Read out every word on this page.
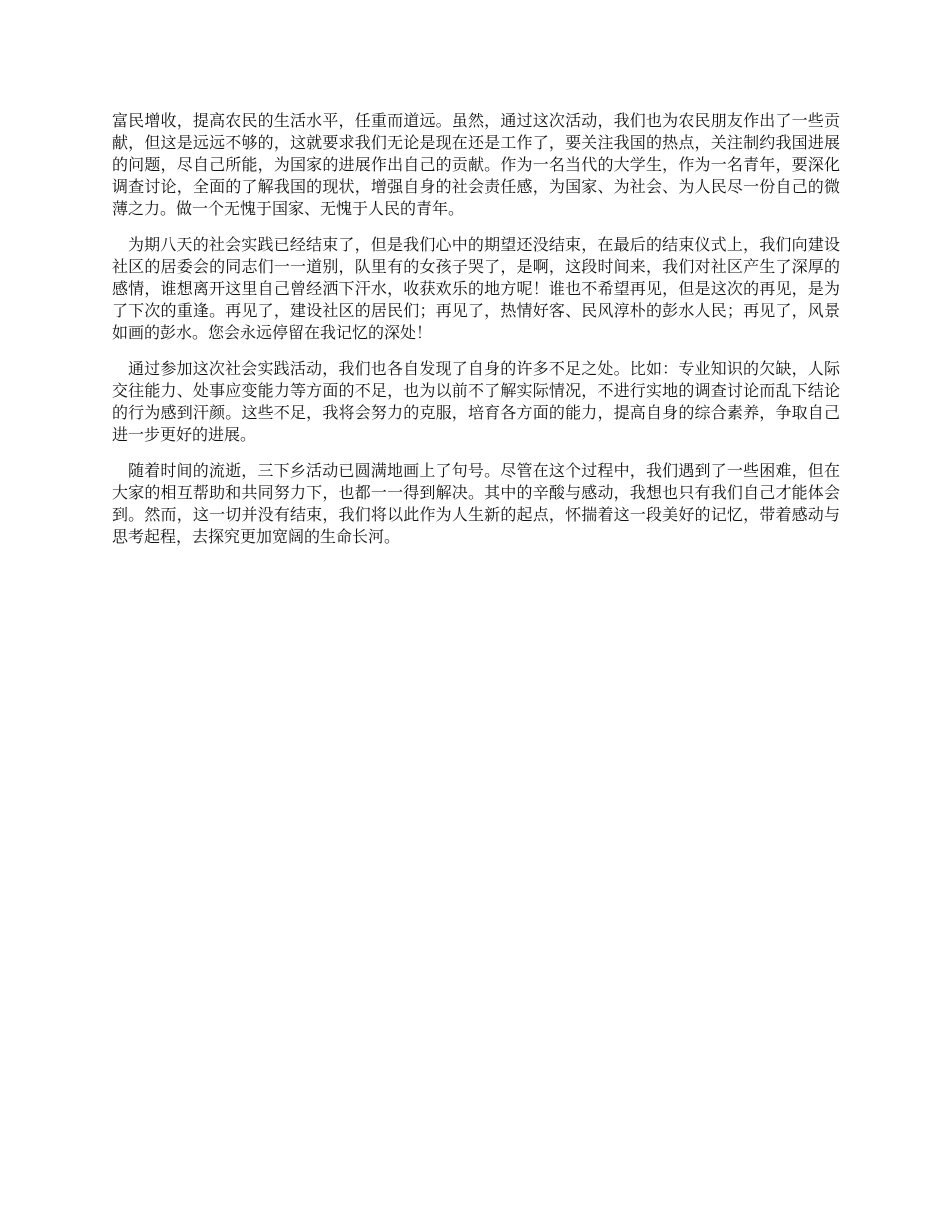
富民增收，提高农民的生活水平，任重而道远。虽然，通过这次活动，我们也为农民朋友作出了一些贡献，但这是远远不够的，这就要求我们无论是现在还是工作了，要关注我国的热点，关注制约我国进展的问题，尽自己所能，为国家的进展作出自己的贡献。作为一名当代的大学生，作为一名青年，要深化调查讨论，全面的了解我国的现状，增强自身的社会责任感，为国家、为社会、为人民尽一份自己的微薄之力。做一个无愧于国家、无愧于人民的青年。

为期八天的社会实践已经结束了，但是我们心中的期望还没结束，在最后的结束仪式上，我们向建设社区的居委会的同志们一一道别，队里有的女孩子哭了，是啊，这段时间来，我们对社区产生了深厚的感情，谁想离开这里自己曾经洒下汗水，收获欢乐的地方呢！谁也不希望再见，但是这次的再见，是为了下次的重逢。再见了，建设社区的居民们；再见了，热情好客、民风淳朴的彭水人民；再见了，风景如画的彭水。您会永远停留在我记忆的深处！

通过参加这次社会实践活动，我们也各自发现了自身的许多不足之处。比如：专业知识的欠缺，人际交往能力、处事应变能力等方面的不足，也为以前不了解实际情况，不进行实地的调查讨论而乱下结论的行为感到汗颜。这些不足，我将会努力的克服，培育各方面的能力，提高自身的综合素养，争取自己进一步更好的进展。

随着时间的流逝，三下乡活动已圆满地画上了句号。尽管在这个过程中，我们遇到了一些困难，但在大家的相互帮助和共同努力下，也都一一得到解决。其中的辛酸与感动，我想也只有我们自己才能体会到。然而，这一切并没有结束，我们将以此作为人生新的起点，怀揣着这一段美好的记忆，带着感动与思考起程，去探究更加宽阔的生命长河。
